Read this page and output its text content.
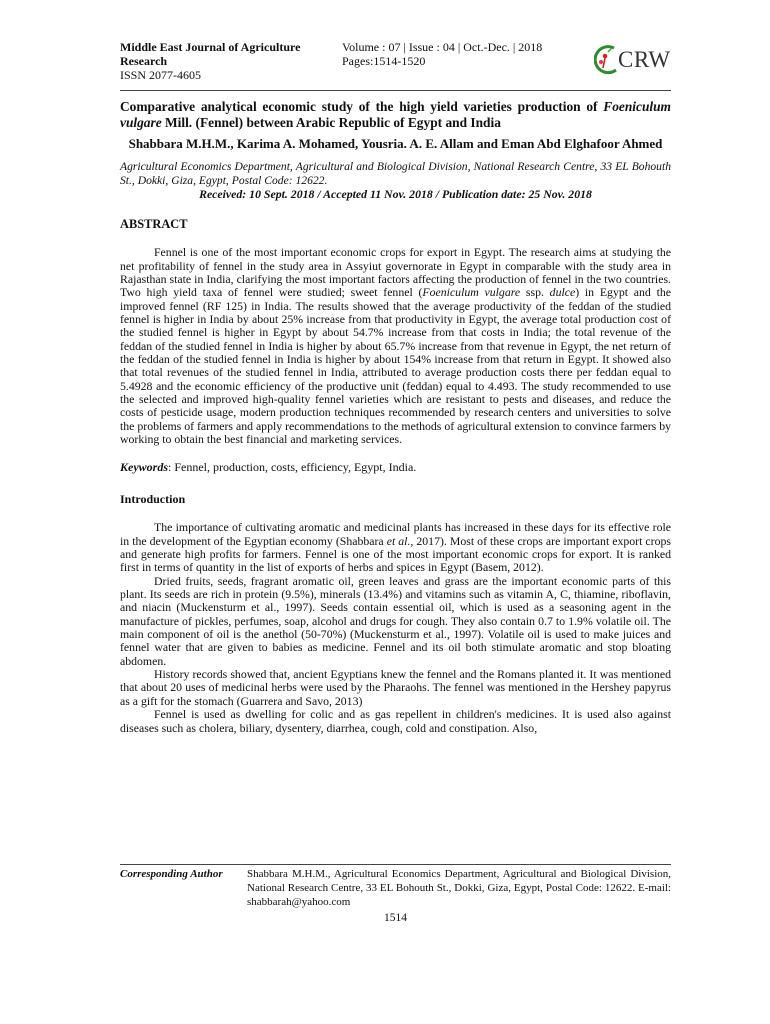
Middle East Journal of Agriculture Research
ISSN 2077-4605
Volume : 07 | Issue : 04 | Oct.-Dec. | 2018
Pages:1514-1520	CRW
Comparative analytical economic study of the high yield varieties production of Foeniculum vulgare Mill. (Fennel) between Arabic Republic of Egypt and India
Shabbara M.H.M., Karima A. Mohamed, Yousria. A. E. Allam and Eman Abd Elghafoor Ahmed
Agricultural Economics Department, Agricultural and Biological Division, National Research Centre, 33 EL Bohouth St., Dokki, Giza, Egypt, Postal Code: 12622.
Received: 10 Sept. 2018 / Accepted 11 Nov. 2018 / Publication date: 25 Nov. 2018
ABSTRACT

Fennel is one of the most important economic crops for export in Egypt. The research aims at studying the net profitability of fennel in the study area in Assyiut governorate in Egypt in comparable with the study area in Rajasthan state in India, clarifying the most important factors affecting the production of fennel in the two countries. Two high yield taxa of fennel were studied; sweet fennel (Foeniculum vulgare ssp. dulce) in Egypt and the improved fennel (RF 125) in India. The results showed that the average productivity of the feddan of the studied fennel is higher in India by about 25% increase from that productivity in Egypt, the average total production cost of the studied fennel is higher in Egypt by about 54.7% increase from that costs in India; the total revenue of the feddan of the studied fennel in India is higher by about 65.7% increase from that revenue in Egypt, the net return of the feddan of the studied fennel in India is higher by about 154% increase from that return in Egypt. It showed also that total revenues of the studied fennel in India, attributed to average production costs there per feddan equal to 5.4928 and the economic efficiency of the productive unit (feddan) equal to 4.493. The study recommended to use the selected and improved high-quality fennel varieties which are resistant to pests and diseases, and reduce the costs of pesticide usage, modern production techniques recommended by research centers and universities to solve the problems of farmers and apply recommendations to the methods of agricultural extension to convince farmers by working to obtain the best financial and marketing services.

Keywords: Fennel, production, costs, efficiency, Egypt, India.
Introduction

The importance of cultivating aromatic and medicinal plants has increased in these days for its effective role in the development of the Egyptian economy (Shabbara et al., 2017). Most of these crops are important export crops and generate high profits for farmers. Fennel is one of the most important economic crops for export. It is ranked first in terms of quantity in the list of exports of herbs and spices in Egypt (Basem, 2012).

Dried fruits, seeds, fragrant aromatic oil, green leaves and grass are the important economic parts of this plant. Its seeds are rich in protein (9.5%), minerals (13.4%) and vitamins such as vitamin A, C, thiamine, riboflavin, and niacin (Muckensturm et al., 1997). Seeds contain essential oil, which is used as a seasoning agent in the manufacture of pickles, perfumes, soap, alcohol and drugs for cough. They also contain 0.7 to 1.9% volatile oil. The main component of oil is the anethol (50-70%) (Muckensturm et al., 1997). Volatile oil is used to make juices and fennel water that are given to babies as medicine. Fennel and its oil both stimulate aromatic and stop bloating abdomen.

History records showed that, ancient Egyptians knew the fennel and the Romans planted it. It was mentioned that about 20 uses of medicinal herbs were used by the Pharaohs. The fennel was mentioned in the Hershey papyrus as a gift for the stomach (Guarrera and Savo, 2013)

Fennel is used as dwelling for colic and as gas repellent in children's medicines. It is used also against diseases such as cholera, biliary, dysentery, diarrhea, cough, cold and constipation. Also,

Corresponding Author Shabbara M.H.M., Agricultural Economics Department, Agricultural and Biological Division, National Research Centre, 33 EL Bohouth St., Dokki, Giza, Egypt, Postal Code: 12622. E-mail: shabbarah@yahoo.com
1514
